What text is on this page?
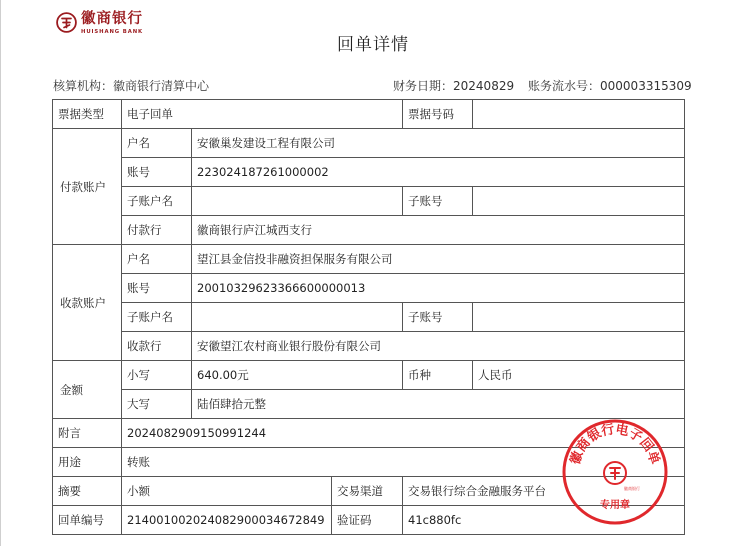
徽商银行
HUISHANG BANK
回单详情
核算机构：徽商银行清算中心	财务日期：20240829 账务流水号：000003315309
票据类型	电子回单			票据号码	
付款账户	户名	安徽巢发建设工程有限公司			
	账号	223024187261000002			
	子账户名			子账号	
	付款行	徽商银行庐江城西支行			
收款账户	户名	望江县金信投非融资担保服务有限公司			
	账号	20010329623366600000013			
	子账户名			子账号	
	收款行	安徽望江农村商业银行股份有限公司			
金额	小写	640.00元		币种	人民币
	大写	陆佰肆拾元整			
附言	2024082909150991244				
用途	转账				
摘要	小额		交易渠道	交易银行综合金融服务平台	
回单编号	2140010020240829000346​72849		验证码	41c880fc	
徽商银行电子回单
徽商银行
专用章
